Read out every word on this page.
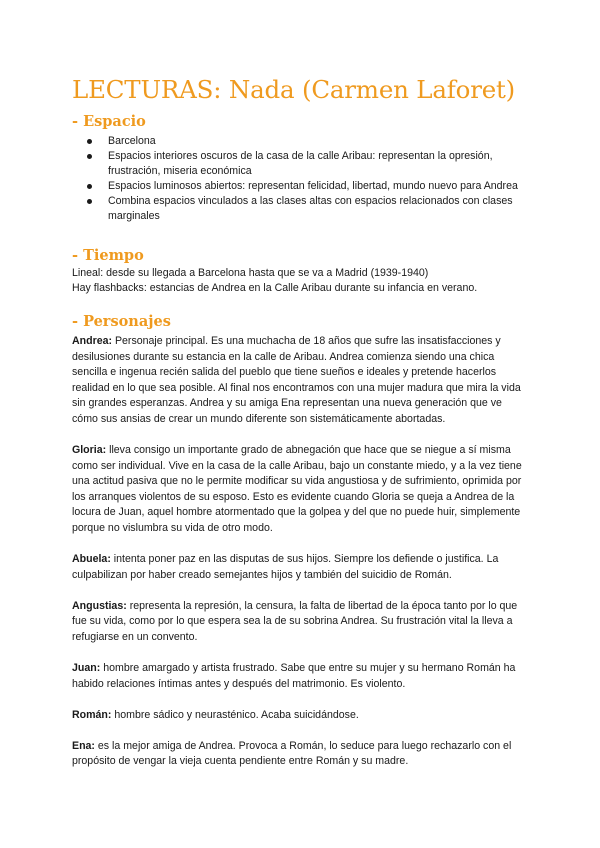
LECTURAS: Nada (Carmen Laforet)
- Espacio
Barcelona
Espacios interiores oscuros de la casa de la calle Aribau: representan la opresión, frustración, miseria económica
Espacios luminosos abiertos: representan felicidad, libertad, mundo nuevo para Andrea
Combina espacios vinculados a las clases altas con espacios relacionados con clases marginales
- Tiempo

Lineal: desde su llegada a Barcelona hasta que se va a Madrid (1939-1940)

Hay flashbacks: estancias de Andrea en la Calle Aribau durante su infancia en verano.

- Personajes

Andrea: Personaje principal. Es una muchacha de 18 años que sufre las insatisfacciones y desilusiones durante su estancia en la calle de Aribau. Andrea comienza siendo una chica sencilla e ingenua recién salida del pueblo que tiene sueños e ideales y pretende hacerlos realidad en lo que sea posible. Al final nos encontramos con una mujer madura que mira la vida sin grandes esperanzas. Andrea y su amiga Ena representan una nueva generación que ve cómo sus ansias de crear un mundo diferente son sistemáticamente abortadas.

Gloria: lleva consigo un importante grado de abnegación que hace que se niegue a sí misma como ser individual. Vive en la casa de la calle Aribau, bajo un constante miedo, y a la vez tiene una actitud pasiva que no le permite modificar su vida angustiosa y de sufrimiento, oprimida por los arranques violentos de su esposo. Esto es evidente cuando Gloria se queja a Andrea de la locura de Juan, aquel hombre atormentado que la golpea y del que no puede huir, simplemente porque no vislumbra su vida de otro modo.

Abuela: intenta poner paz en las disputas de sus hijos. Siempre los defiende o justifica. La culpabilizan por haber creado semejantes hijos y también del suicidio de Román.

Angustias: representa la represión, la censura, la falta de libertad de la época tanto por lo que fue su vida, como por lo que espera sea la de su sobrina Andrea. Su frustración vital la lleva a refugiarse en un convento.

Juan: hombre amargado y artista frustrado. Sabe que entre su mujer y su hermano Román ha habido relaciones íntimas antes y después del matrimonio. Es violento.

Román: hombre sádico y neurasténico. Acaba suicidándose.

Ena: es la mejor amiga de Andrea. Provoca a Román, lo seduce para luego rechazarlo con el propósito de vengar la vieja cuenta pendiente entre Román y su madre.
